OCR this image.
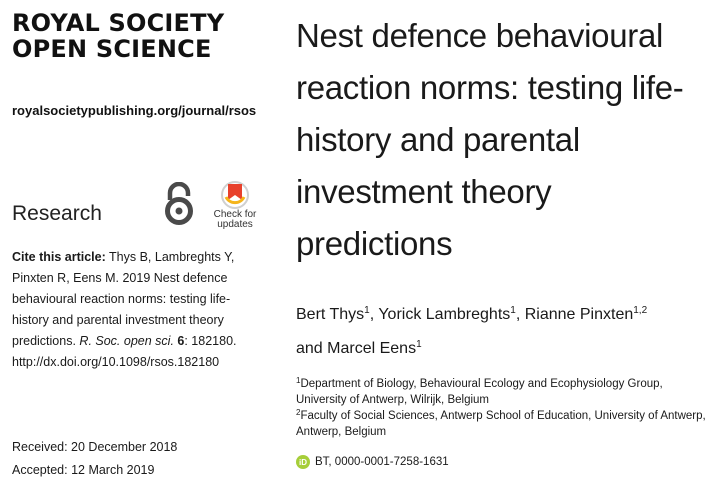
ROYAL SOCIETY
OPEN SCIENCE
royalsocietypublishing.org/journal/rsos
Research	Check for
updates
Cite this article: Thys B, Lambreghts Y, Pinxten R, Eens M. 2019 Nest defence behavioural reaction norms: testing life-history and parental investment theory predictions. R. Soc. open sci. 6: 182180.
http://dx.doi.org/10.1098/rsos.182180
Received: 20 December 2018
Accepted: 12 March 2019
Nest defence behavioural reaction norms: testing life-history and parental investment theory predictions
Bert Thys$^1$, Yorick Lambreghts$^1$, Rianne Pinxten$^{1,2}$
and Marcel Eens$^1$
$^1$Department of Biology, Behavioural Ecology and Ecophysiology Group, University of Antwerp, Wilrijk, Belgium
$^2$Faculty of Social Sciences, Antwerp School of Education, University of Antwerp, Antwerp, Belgium
iD BT, 0000-0001-7258-1631
